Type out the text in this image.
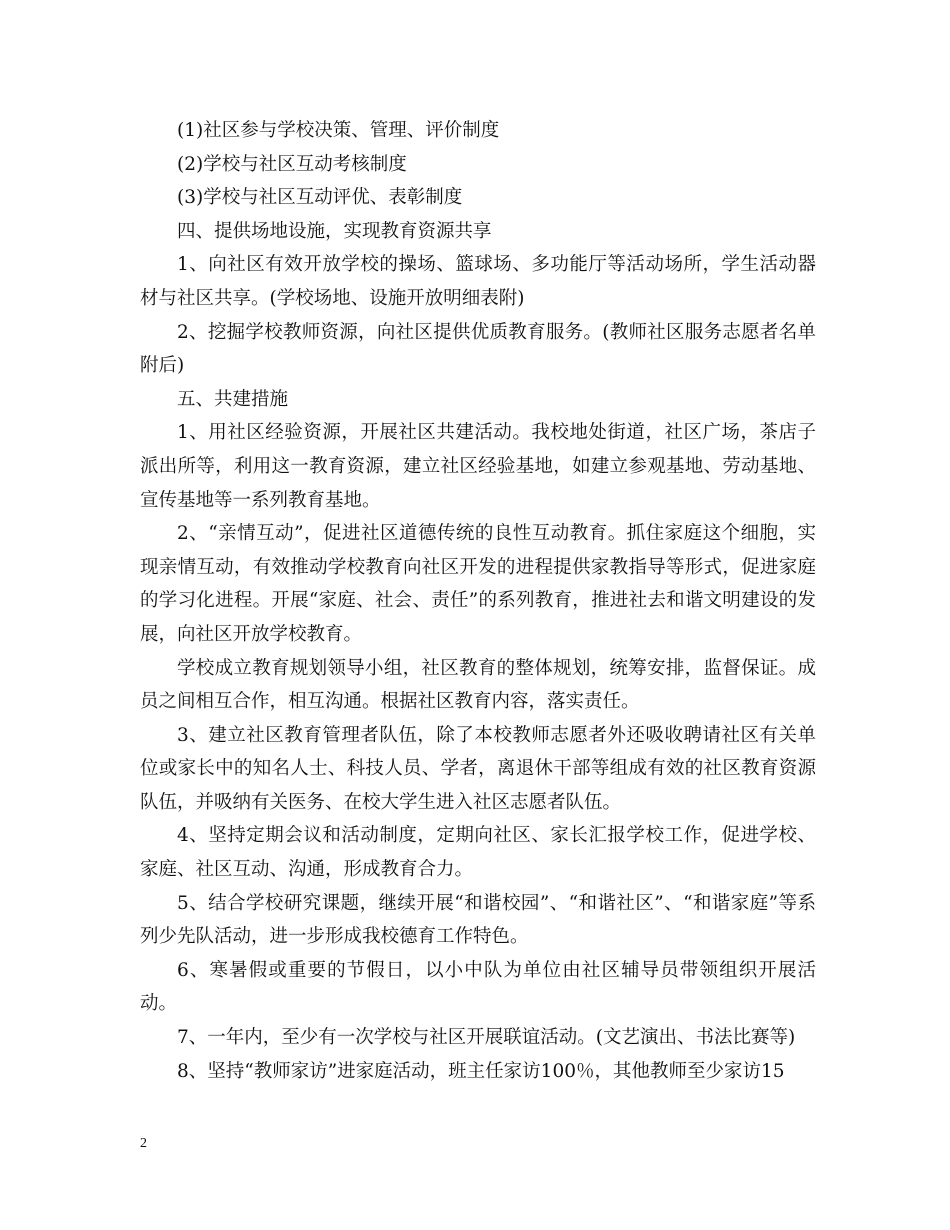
(1)社区参与学校决策、管理、评价制度

(2)学校与社区互动考核制度

(3)学校与社区互动评优、表彰制度

四、提供场地设施，实现教育资源共享

1、向社区有效开放学校的操场、篮球场、多功能厅等活动场所，学生活动器材与社区共享。(学校场地、设施开放明细表附)

2、挖掘学校教师资源，向社区提供优质教育服务。(教师社区服务志愿者名单附后)

五、共建措施

1、用社区经验资源，开展社区共建活动。我校地处街道，社区广场，茶店子派出所等，利用这一教育资源，建立社区经验基地，如建立参观基地、劳动基地、宣传基地等一系列教育基地。

2、“亲情互动”，促进社区道德传统的良性互动教育。抓住家庭这个细胞，实现亲情互动，有效推动学校教育向社区开发的进程提供家教指导等形式，促进家庭的学习化进程。开展“家庭、社会、责任”的系列教育，推进社去和谐文明建设的发展，向社区开放学校教育。

学校成立教育规划领导小组，社区教育的整体规划，统筹安排，监督保证。成员之间相互合作，相互沟通。根据社区教育内容，落实责任。

3、建立社区教育管理者队伍，除了本校教师志愿者外还吸收聘请社区有关单位或家长中的知名人士、科技人员、学者，离退休干部等组成有效的社区教育资源队伍，并吸纳有关医务、在校大学生进入社区志愿者队伍。

4、坚持定期会议和活动制度，定期向社区、家长汇报学校工作，促进学校、家庭、社区互动、沟通，形成教育合力。

5、结合学校研究课题，继续开展“和谐校园”、“和谐社区”、“和谐家庭”等系列少先队活动，进一步形成我校德育工作特色。

6、寒暑假或重要的节假日，以小中队为单位由社区辅导员带领组织开展活动。

7、一年内，至少有一次学校与社区开展联谊活动。(文艺演出、书法比赛等)

8、坚持“教师家访”进家庭活动，班主任家访100％，其他教师至少家访15

2
